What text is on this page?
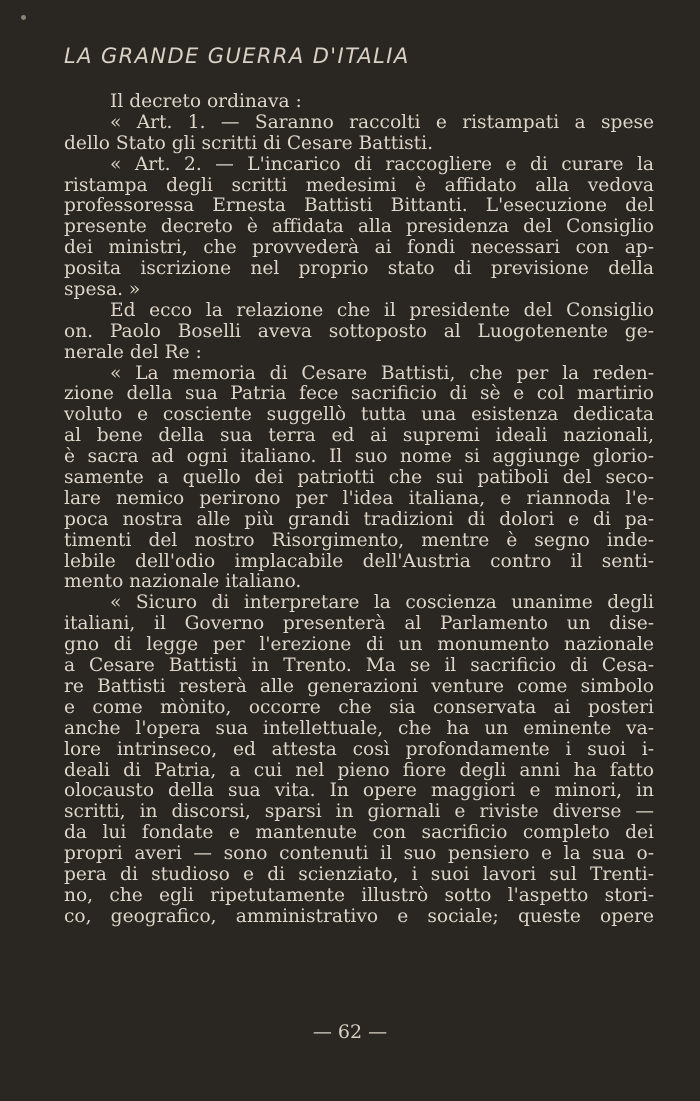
LA GRANDE GUERRA D'ITALIA
Il decreto ordinava :
« Art. 1. — Saranno raccolti e ristampati a spese
dello Stato gli scritti di Cesare Battisti.
« Art. 2. — L'incarico di raccogliere e di curare la
ristampa degli scritti medesimi è affidato alla vedova
professoressa Ernesta Battisti Bittanti. L'esecuzione del
presente decreto è affidata alla presidenza del Consiglio
dei ministri, che provvederà ai fondi necessari con ap-
posita iscrizione nel proprio stato di previsione della
spesa. »
Ed ecco la relazione che il presidente del Consiglio
on. Paolo Boselli aveva sottoposto al Luogotenente ge-
nerale del Re :
« La memoria di Cesare Battisti, che per la reden-
zione della sua Patria fece sacrificio di sè e col martirio
voluto e cosciente suggellò tutta una esistenza dedicata
al bene della sua terra ed ai supremi ideali nazionali,
è sacra ad ogni italiano. Il suo nome si aggiunge glorio-
samente a quello dei patriotti che sui patiboli del seco-
lare nemico perirono per l'idea italiana, e riannoda l'e-
poca nostra alle più grandi tradizioni di dolori e di pa-
timenti del nostro Risorgimento, mentre è segno inde-
lebile dell'odio implacabile dell'Austria contro il senti-
mento nazionale italiano.
« Sicuro di interpretare la coscienza unanime degli
italiani, il Governo presenterà al Parlamento un dise-
gno di legge per l'erezione di un monumento nazionale
a Cesare Battisti in Trento. Ma se il sacrificio di Cesa-
re Battisti resterà alle generazioni venture come simbolo
e come mònito, occorre che sia conservata ai posteri
anche l'opera sua intellettuale, che ha un eminente va-
lore intrinseco, ed attesta così profondamente i suoi i-
deali di Patria, a cui nel pieno fiore degli anni ha fatto
olocausto della sua vita. In opere maggiori e minori, in
scritti, in discorsi, sparsi in giornali e riviste diverse —
da lui fondate e mantenute con sacrificio completo dei
propri averi — sono contenuti il suo pensiero e la sua o-
pera di studioso e di scienziato, i suoi lavori sul Trenti-
no, che egli ripetutamente illustrò sotto l'aspetto stori-
co, geografico, amministrativo e sociale; queste opere
— 62 —
